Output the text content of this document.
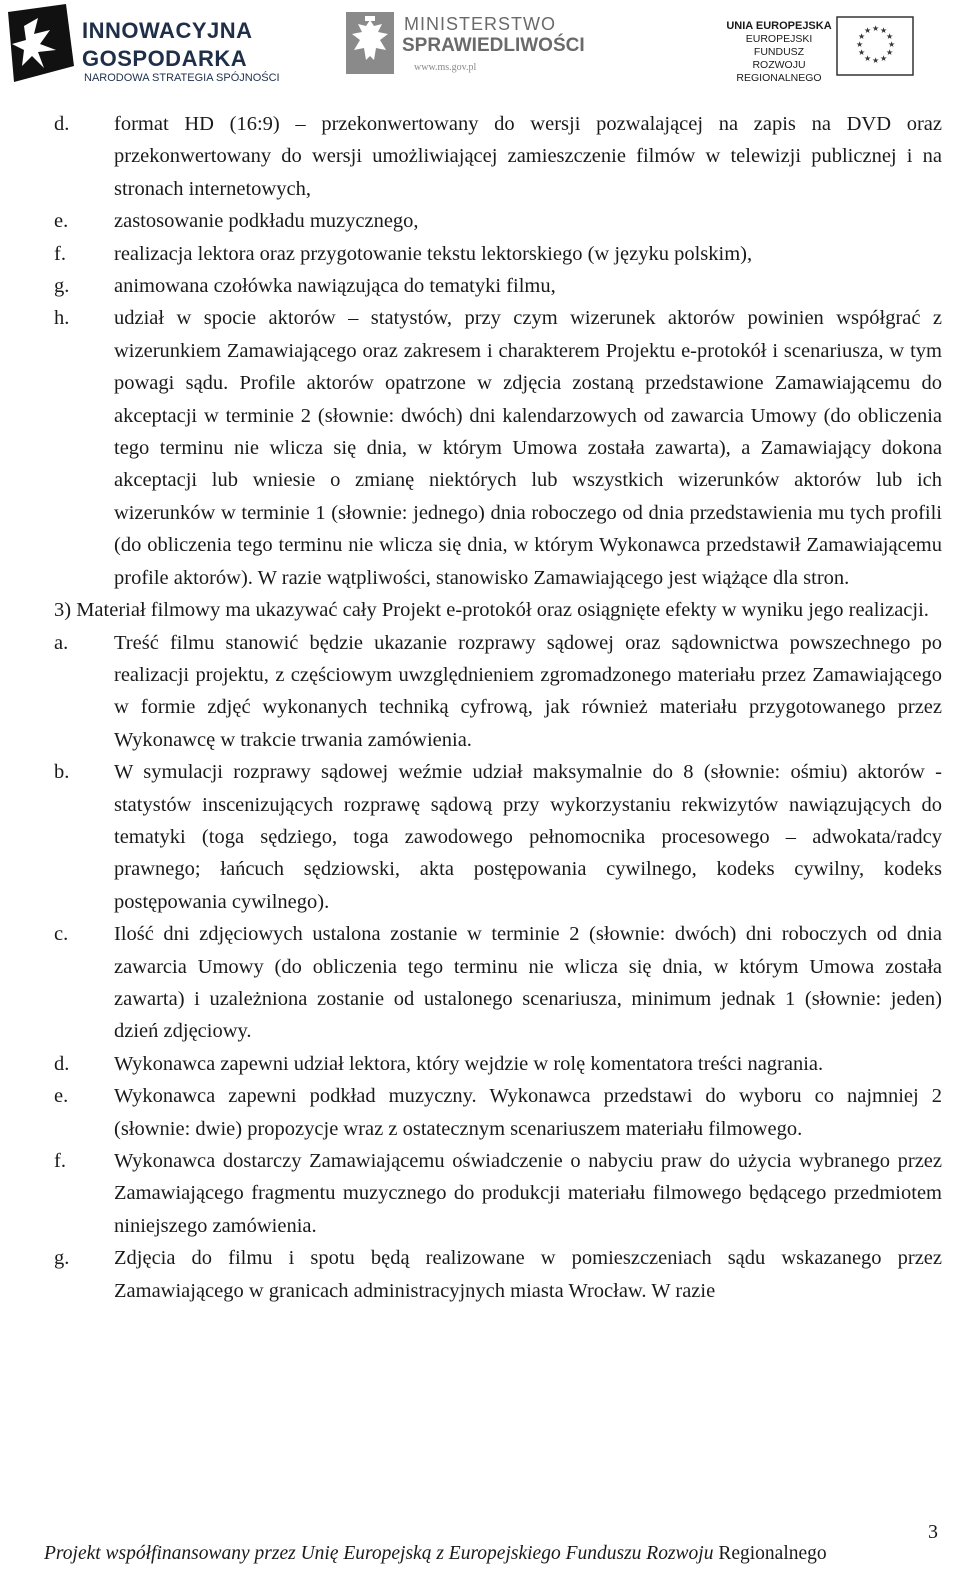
INNOWACYJNA
GOSPODARKA
NARODOWA STRATEGIA SPÓJNOŚCI
MINISTERSTWO
SPRAWIEDLIWOŚCI
www.ms.gov.pl
UNIA EUROPEJSKA
EUROPEJSKI FUNDUSZ
ROZWOJU REGIONALNEGO
★ ★
★
★
★
★
★
★
★
★
★
★
d. format HD (16:9) – przekonwertowany do wersji pozwalającej na zapis na DVD oraz przekonwertowany do wersji umożliwiającej zamieszczenie filmów w telewizji publicznej i na stronach internetowych,
e. zastosowanie podkładu muzycznego,
f. realizacja lektora oraz przygotowanie tekstu lektorskiego (w języku polskim),
g. animowana czołówka nawiązująca do tematyki filmu,
h. udział w spocie aktorów – statystów, przy czym wizerunek aktorów powinien współgrać z wizerunkiem Zamawiającego oraz zakresem i charakterem Projektu e-protokół i scenariusza, w tym powagi sądu. Profile aktorów opatrzone w zdjęcia zostaną przedstawione Zamawiającemu do akceptacji w terminie 2 (słownie: dwóch) dni kalendarzowych od zawarcia Umowy (do obliczenia tego terminu nie wlicza się dnia, w którym Umowa została zawarta), a Zamawiający dokona akceptacji lub wniesie o zmianę niektórych lub wszystkich wizerunków aktorów lub ich wizerunków w terminie 1 (słownie: jednego) dnia roboczego od dnia przedstawienia mu tych profili (do obliczenia tego terminu nie wlicza się dnia, w którym Wykonawca przedstawił Zamawiającemu profile aktorów). W razie wątpliwości, stanowisko Zamawiającego jest wiążące dla stron.
3) Materiał filmowy ma ukazywać cały Projekt e-protokół oraz osiągnięte efekty w wyniku jego realizacji.
a. Treść filmu stanowić będzie ukazanie rozprawy sądowej oraz sądownictwa powszechnego po realizacji projektu, z częściowym uwzględnieniem zgromadzonego materiału przez Zamawiającego w formie zdjęć wykonanych techniką cyfrową, jak również materiału przygotowanego przez Wykonawcę w trakcie trwania zamówienia.
b. W symulacji rozprawy sądowej weźmie udział maksymalnie do 8 (słownie: ośmiu) aktorów - statystów inscenizujących rozprawę sądową przy wykorzystaniu rekwizytów nawiązujących do tematyki (toga sędziego, toga zawodowego pełnomocnika procesowego – adwokata/radcy prawnego; łańcuch sędziowski, akta postępowania cywilnego, kodeks cywilny, kodeks postępowania cywilnego).
c. Ilość dni zdjęciowych ustalona zostanie w terminie 2 (słownie: dwóch) dni roboczych od dnia zawarcia Umowy (do obliczenia tego terminu nie wlicza się dnia, w którym Umowa została zawarta) i uzależniona zostanie od ustalonego scenariusza, minimum jednak 1 (słownie: jeden) dzień zdjęciowy.
d. Wykonawca zapewni udział lektora, który wejdzie w rolę komentatora treści nagrania.
e. Wykonawca zapewni podkład muzyczny. Wykonawca przedstawi do wyboru co najmniej 2 (słownie: dwie) propozycje wraz z ostatecznym scenariuszem materiału filmowego.
f. Wykonawca dostarczy Zamawiającemu oświadczenie o nabyciu praw do użycia wybranego przez Zamawiającego fragmentu muzycznego do produkcji materiału filmowego będącego przedmiotem niniejszego zamówienia.
g. Zdjęcia do filmu i spotu będą realizowane w pomieszczeniach sądu wskazanego przez Zamawiającego w granicach administracyjnych miasta Wrocław. W razie
3
Projekt współfinansowany przez Unię Europejską z Europejskiego Funduszu Rozwoju Regionalnego
